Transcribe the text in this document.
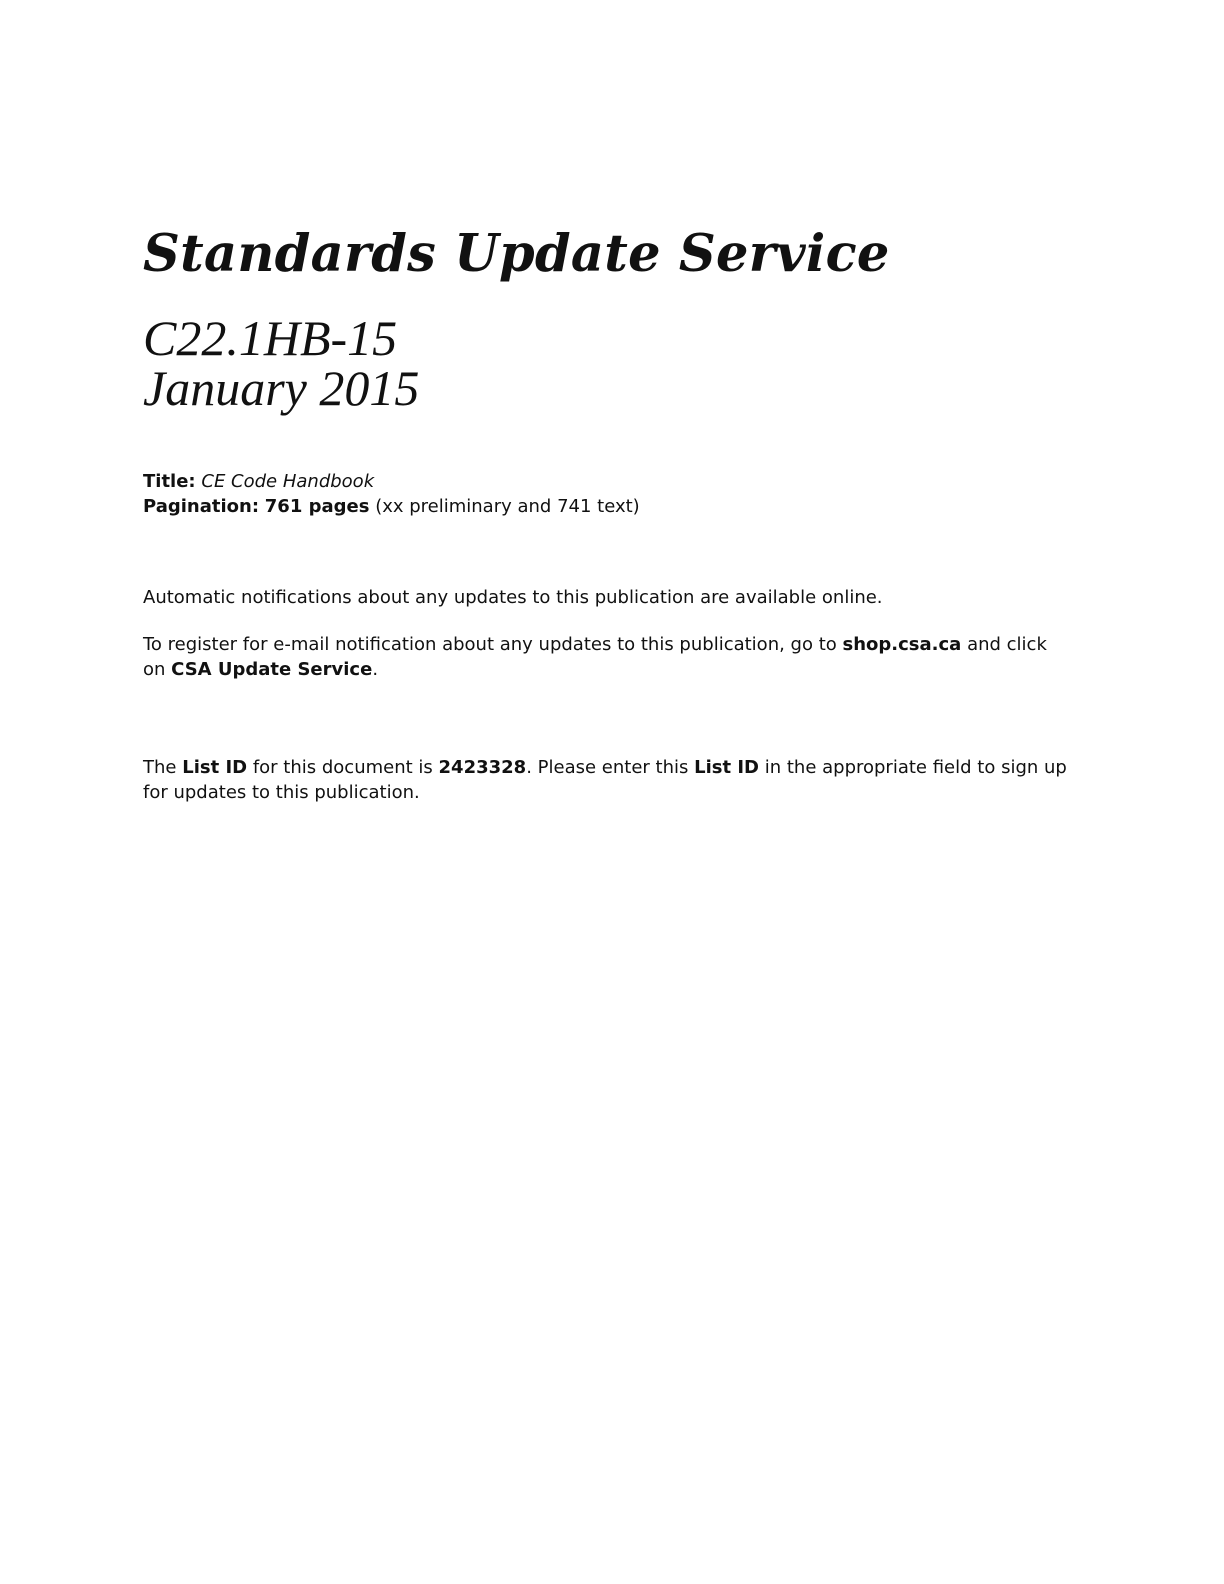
Standards Update Service
C22.1HB-15
January 2015
Title: CE Code Handbook
Pagination: 761 pages (xx preliminary and 741 text)

Automatic notifications about any updates to this publication are available online.

To register for e-mail notification about any updates to this publication, go to shop.csa.ca and click on CSA Update Service.

The List ID for this document is 2423328. Please enter this List ID in the appropriate field to sign up for updates to this publication.
